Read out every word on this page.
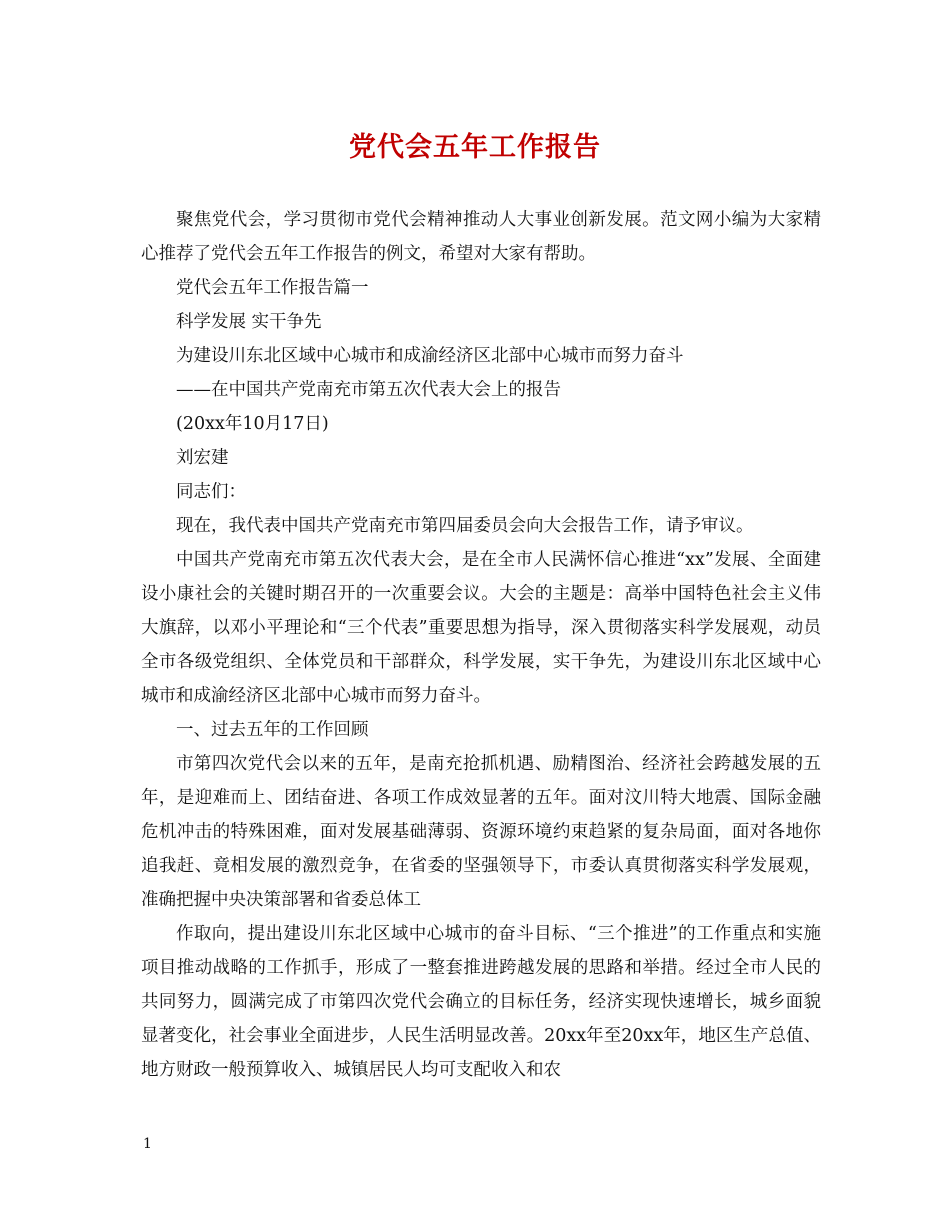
党代会五年工作报告

聚焦党代会，学习贯彻市党代会精神推动人大事业创新发展。范文网小编为大家精心推荐了党代会五年工作报告的例文，希望对大家有帮助。

党代会五年工作报告篇一

科学发展 实干争先

为建设川东北区域中心城市和成渝经济区北部中心城市而努力奋斗

——在中国共产党南充市第五次代表大会上的报告

(20xx年10月17日)

刘宏建

同志们：

现在，我代表中国共产党南充市第四届委员会向大会报告工作，请予审议。

中国共产党南充市第五次代表大会，是在全市人民满怀信心推进“xx”发展、全面建设小康社会的关键时期召开的一次重要会议。大会的主题是：高举中国特色社会主义伟大旗辞，以邓小平理论和“三个代表”重要思想为指导，深入贯彻落实科学发展观，动员全市各级党组织、全体党员和干部群众，科学发展，实干争先，为建设川东北区域中心城市和成渝经济区北部中心城市而努力奋斗。

一、过去五年的工作回顾

市第四次党代会以来的五年，是南充抢抓机遇、励精图治、经济社会跨越发展的五年，是迎难而上、团结奋进、各项工作成效显著的五年。面对汶川特大地震、国际金融危机冲击的特殊困难，面对发展基础薄弱、资源环境约束趋紧的复杂局面，面对各地你追我赶、竟相发展的激烈竞争，在省委的坚强领导下，市委认真贯彻落实科学发展观，准确把握中央决策部署和省委总体工

作取向，提出建设川东北区域中心城市的奋斗目标、“三个推进”的工作重点和实施项目推动战略的工作抓手，形成了一整套推进跨越发展的思路和举措。经过全市人民的共同努力，圆满完成了市第四次党代会确立的目标任务，经济实现快速增长，城乡面貌显著变化，社会事业全面进步，人民生活明显改善。20xx年至20xx年，地区生产总值、地方财政一般预算收入、城镇居民人均可支配收入和农

1
